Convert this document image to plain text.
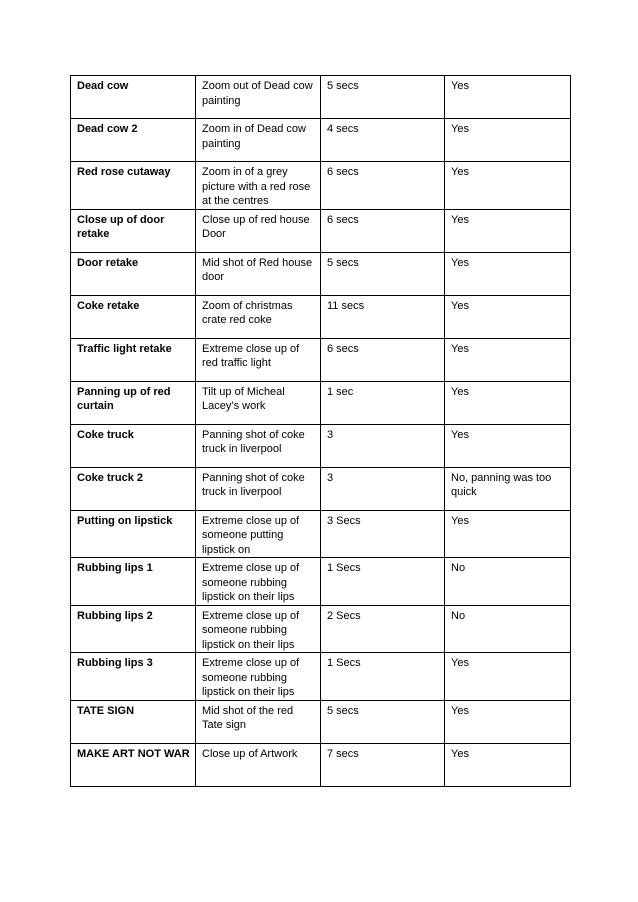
Dead cow	Zoom out of Dead cow painting	5 secs	Yes
Dead cow 2	Zoom in of Dead cow painting	4 secs	Yes
Red rose cutaway	Zoom in of a grey picture with a red rose at the centres	6 secs	Yes
Close up of door retake	Close up of red house Door	6 secs	Yes
Door retake	Mid shot of Red house door	5 secs	Yes
Coke retake	Zoom of christmas crate red coke	11 secs	Yes
Traffic light retake	Extreme close up of red traffic light	6 secs	Yes
Panning up of red curtain	Tilt up of Micheal Lacey’s work	1 sec	Yes
Coke truck	Panning shot of coke truck in liverpool	3	Yes
Coke truck 2	Panning shot of coke truck in liverpool	3	No, panning was too quick
Putting on lipstick	Extreme close up of someone putting lipstick on	3 Secs	Yes
Rubbing lips 1	Extreme close up of someone rubbing lipstick on their lips	1 Secs	No
Rubbing lips 2	Extreme close up of someone rubbing lipstick on their lips	2 Secs	No
Rubbing lips 3	Extreme close up of someone rubbing lipstick on their lips	1 Secs	Yes
TATE SIGN	Mid shot of the red Tate sign	5 secs	Yes
MAKE ART NOT WAR	Close up of Artwork	7 secs	Yes
